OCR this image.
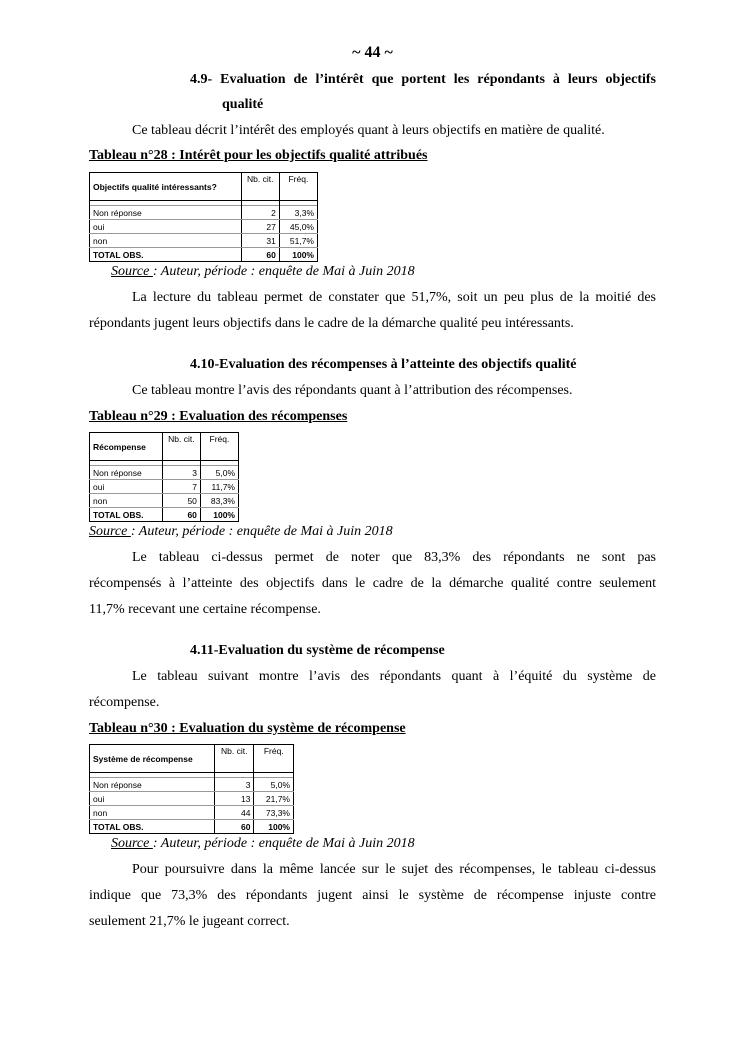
~ 44 ~
4.9- Evaluation de l’intérêt que portent les répondants à leurs objectifs
qualité
Ce tableau décrit l’intérêt des employés quant à leurs objectifs en matière de qualité.
Tableau n°28 : Intérêt pour les objectifs qualité attribués
Objectifs qualité intéressants?	Nb. cit.	Fréq.

Non réponse	2	3,3%
oui	27	45,0%
non	31	51,7%
TOTAL OBS.	60	100%
Source : Auteur, période : enquête de Mai à Juin 2018
La lecture du tableau permet de constater que 51,7%, soit un peu plus de la moitié des
répondants jugent leurs objectifs dans le cadre de la démarche qualité peu intéressants.
4.10-Evaluation des récompenses à l’atteinte des objectifs qualité
Ce tableau montre l’avis des répondants quant à l’attribution des récompenses.
Tableau n°29 : Evaluation des récompenses
Récompense	Nb. cit.	Fréq.

Non réponse	3	5,0%
oui	7	11,7%
non	50	83,3%
TOTAL OBS.	60	100%
Source : Auteur, période : enquête de Mai à Juin 2018
Le tableau ci-dessus permet de noter que 83,3% des répondants ne sont pas
récompensés à l’atteinte des objectifs dans le cadre de la démarche qualité contre seulement
11,7% recevant une certaine récompense.
4.11-Evaluation du système de récompense
Le tableau suivant montre l’avis des répondants quant à l’équité du système de
récompense.
Tableau n°30 : Evaluation du système de récompense
Système de récompense	Nb. cit.	Fréq.

Non réponse	3	5,0%
oui	13	21,7%
non	44	73,3%
TOTAL OBS.	60	100%
Source : Auteur, période : enquête de Mai à Juin 2018
Pour poursuivre dans la même lancée sur le sujet des récompenses, le tableau ci-dessus
indique que 73,3% des répondants jugent ainsi le système de récompense injuste contre
seulement 21,7% le jugeant correct.
